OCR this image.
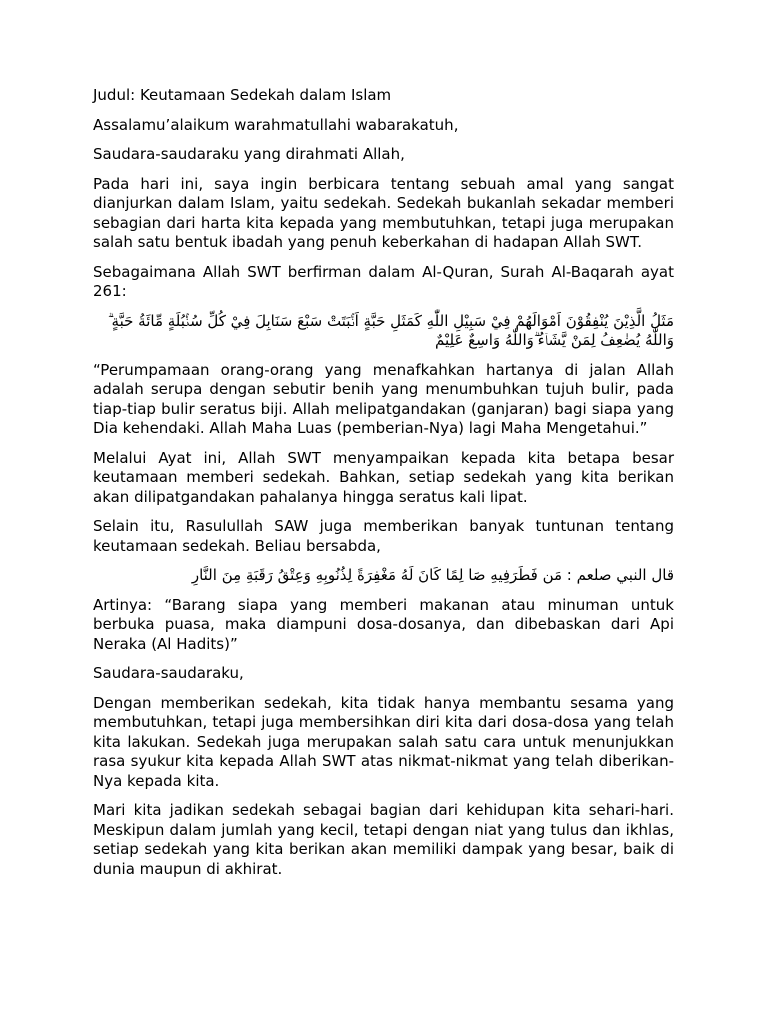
Judul: Keutamaan Sedekah dalam Islam

Assalamu’alaikum warahmatullahi wabarakatuh,

Saudara-saudaraku yang dirahmati Allah,

Pada hari ini, saya ingin berbicara tentang sebuah amal yang sangat dianjurkan dalam Islam, yaitu sedekah. Sedekah bukanlah sekadar memberi sebagian dari harta kita kepada yang membutuhkan, tetapi juga merupakan salah satu bentuk ibadah yang penuh keberkahan di hadapan Allah SWT.

Sebagaimana Allah SWT berfirman dalam Al-Quran, Surah Al-Baqarah ayat 261:

مَثَلُ الَّذِيْنَ يُنْفِقُوْنَ اَمْوَالَهُمْ فِيْ سَبِيْلِ اللّٰهِ كَمَثَلِ حَبَّةٍ اَنْۢبَتَتْ سَبْعَ سَنَابِلَ فِيْ كُلِّ سُنْۢبُلَةٍ مِّائَةُ حَبَّةٍ ۗ وَاللّٰهُ يُضٰعِفُ لِمَنْ يَّشَاۤءُ ۗوَاللّٰهُ وَاسِعٌ عَلِيْمٌ

“Perumpamaan orang-orang yang menafkahkan hartanya di jalan Allah adalah serupa dengan sebutir benih yang menumbuhkan tujuh bulir, pada tiap-tiap bulir seratus biji. Allah melipatgandakan (ganjaran) bagi siapa yang Dia kehendaki. Allah Maha Luas (pemberian-Nya) lagi Maha Mengetahui.”

Melalui Ayat ini, Allah SWT menyampaikan kepada kita betapa besar keutamaan memberi sedekah. Bahkan, setiap sedekah yang kita berikan akan dilipatgandakan pahalanya hingga seratus kali lipat.

Selain itu, Rasulullah SAW juga memberikan banyak tuntunan tentang keutamaan sedekah. Beliau bersabda,

قال النبي صلعم : مَن فَطَرَفِيهِ صَا لِمًا كَانَ لَهُ مَغْفِرَةً لِذُنُوبِهِ وَعِتْقُ رَقَبَةِ مِنَ النَّارِ

Artinya: “Barang siapa yang memberi makanan atau minuman untuk berbuka puasa, maka diampuni dosa-dosanya, dan dibebaskan dari Api Neraka (Al Hadits)”

Saudara-saudaraku,

Dengan memberikan sedekah, kita tidak hanya membantu sesama yang membutuhkan, tetapi juga membersihkan diri kita dari dosa-dosa yang telah kita lakukan. Sedekah juga merupakan salah satu cara untuk menunjukkan rasa syukur kita kepada Allah SWT atas nikmat-nikmat yang telah diberikan-Nya kepada kita.

Mari kita jadikan sedekah sebagai bagian dari kehidupan kita sehari-hari. Meskipun dalam jumlah yang kecil, tetapi dengan niat yang tulus dan ikhlas, setiap sedekah yang kita berikan akan memiliki dampak yang besar, baik di dunia maupun di akhirat.
